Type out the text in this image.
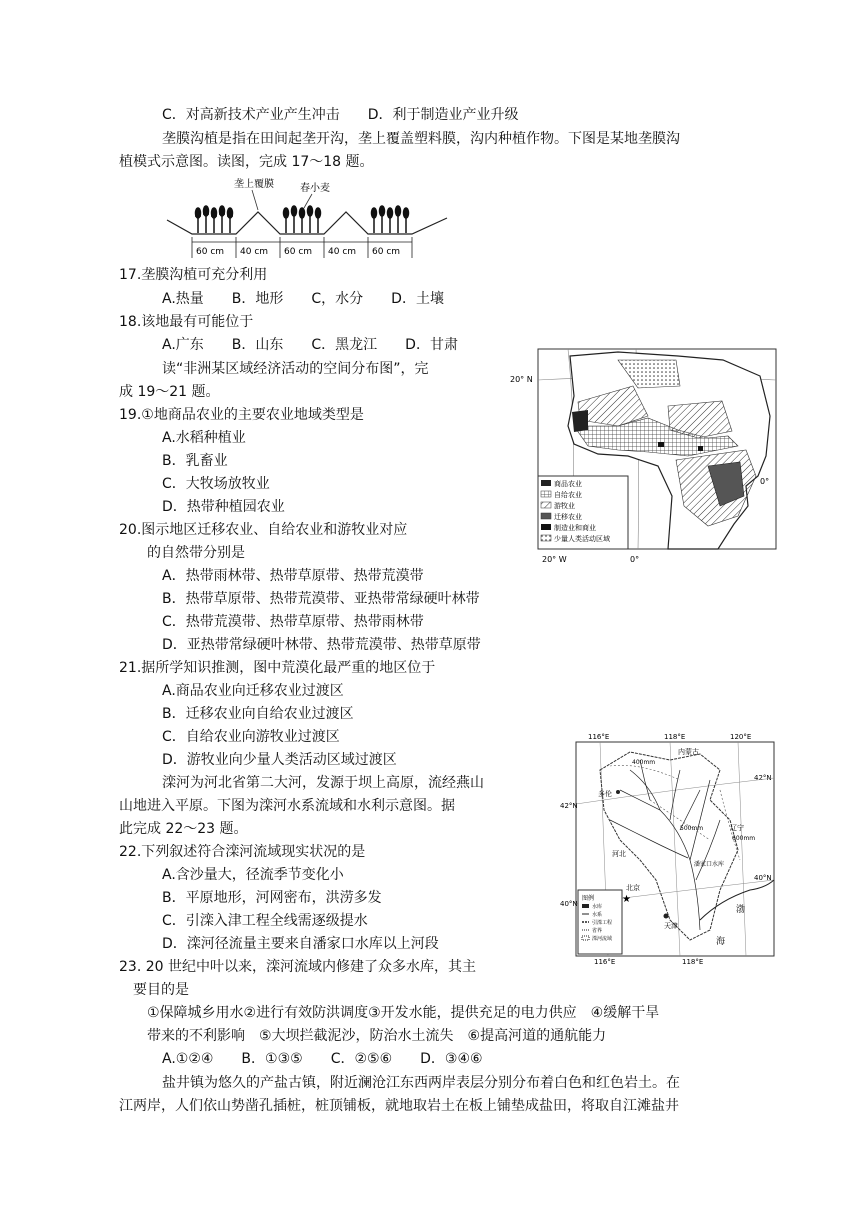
C．对高新技术产业产生冲击　　D．利于制造业产业升级
垄膜沟植是指在田间起垄开沟，垄上覆盖塑料膜，沟内种植作物。下图是某地垄膜沟
植模式示意图。读图，完成 17～18 题。
17.垄膜沟植可充分利用
A.热量　　B．地形　　C，水分　　D．土壤
18.该地最有可能位于
A.广东　　B．山东　　C．黑龙江　　D．甘肃
读“非洲某区域经济活动的空间分布图”，完
成 19～21 题。
19.①地商品农业的主要农业地域类型是
A.水稻种植业
B．乳畜业
C．大牧场放牧业
D．热带种植园农业
20.图示地区迁移农业、自给农业和游牧业对应
的自然带分别是
A．热带雨林带、热带草原带、热带荒漠带
B．热带草原带、热带荒漠带、亚热带常绿硬叶林带
C．热带荒漠带、热带草原带、热带雨林带
D．亚热带常绿硬叶林带、热带荒漠带、热带草原带
21.据所学知识推测，图中荒漠化最严重的地区位于
A.商品农业向迁移农业过渡区
B．迁移农业向自给农业过渡区
C．自给农业向游牧业过渡区
D．游牧业向少量人类活动区域过渡区
滦河为河北省第二大河，发源于坝上高原，流经燕山
山地进入平原。下图为滦河水系流域和水利示意图。据
此完成 22～23 题。
22.下列叙述符合滦河流域现实状况的是
A.含沙量大，径流季节变化小
B．平原地形，河网密布，洪涝多发
C．引滦入津工程全线需逐级提水
D．滦河径流量主要来自潘家口水库以上河段
23. 20 世纪中叶以来，滦河流域内修建了众多水库，其主
要目的是
①保障城乡用水②进行有效防洪调度③开发水能，提供充足的电力供应　④缓解干旱
带来的不利影响　⑤大坝拦截泥沙，防治水土流失　⑥提高河道的通航能力
A.①②④　　B．①③⑤　　C．②⑤⑥　　D．③④⑥
盐井镇为悠久的产盐古镇，附近澜沧江东西两岸表层分别分布着白色和红色岩土。在
江两岸，人们依山势凿孔插桩，桩顶铺板，就地取岩土在板上铺垫成盐田，将取自江滩盐井
垄上覆膜	春小麦
60 cm 40 cm 60 cm 40 cm 60 cm
20° N
20° W	0°
0°
商品农业
自给农业
游牧业
迁移农业
制造业和商业
少量人类活动区域
116°E	118°E	120°E
42°N
42°N
40°N
40°N
116°E	118°E
400mm
500mm
600mm
内蒙古
辽宁
河北
北京
天津
多伦
潘家口水库
渤
海
★
图例
水库
水系
引滦工程
省界
滦河流域
